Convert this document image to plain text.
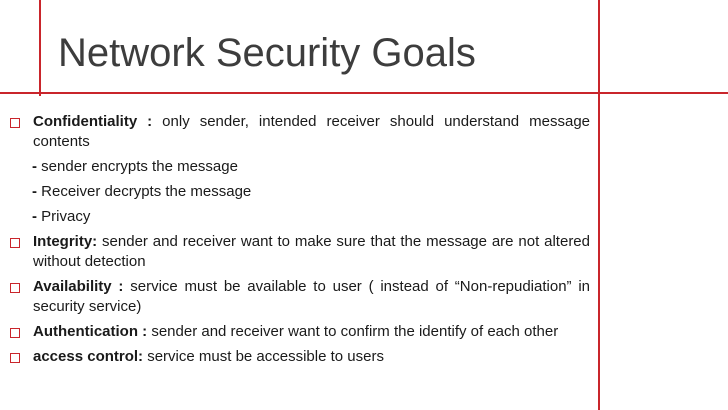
Network Security Goals
Confidentiality : only sender, intended receiver should understand message contents
- sender encrypts the message
- Receiver decrypts the message
- Privacy
Integrity: sender and receiver want to make sure that the message are not altered without detection
Availability : service must be available to user ( instead of “Non-repudiation” in security service)
Authentication : sender and receiver want to confirm the identify of each other
access control: service must be accessible to users
